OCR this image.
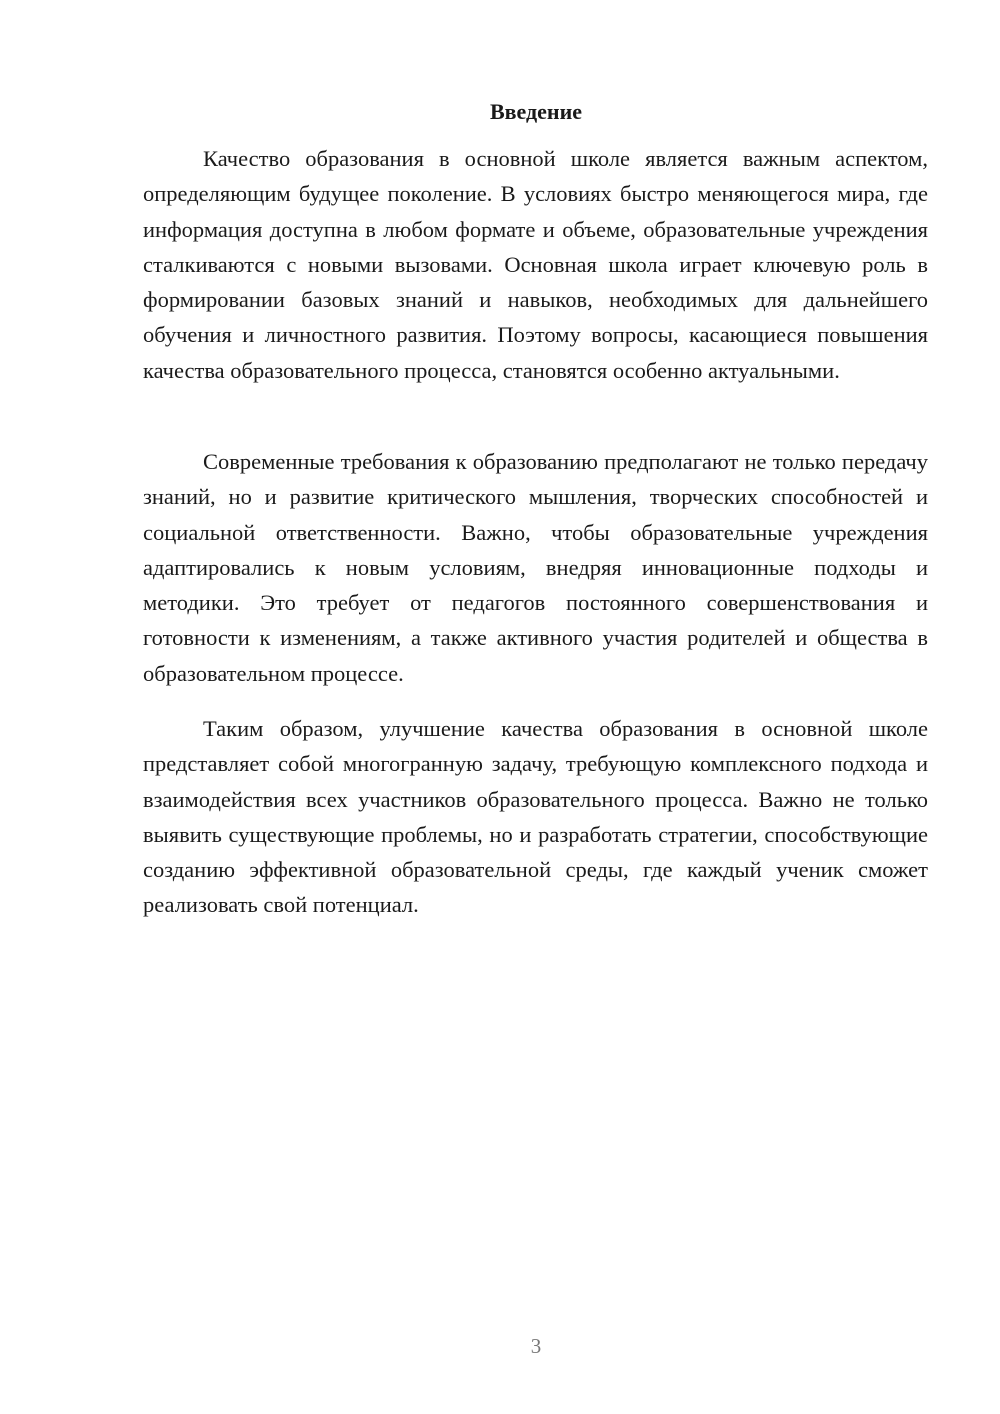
Введение

Качество образования в основной школе является важным аспектом, определяющим будущее поколение. В условиях быстро меняющегося мира, где информация доступна в любом формате и объеме, образовательные учреждения сталкиваются с новыми вызовами. Основная школа играет ключевую роль в формировании базовых знаний и навыков, необходимых для дальнейшего обучения и личностного развития. Поэтому вопросы, касающиеся повышения качества образовательного процесса, становятся особенно актуальными.

Современные требования к образованию предполагают не только передачу знаний, но и развитие критического мышления, творческих способностей и социальной ответственности. Важно, чтобы образовательные учреждения адаптировались к новым условиям, внедряя инновационные подходы и методики. Это требует от педагогов постоянного совершенствования и готовности к изменениям, а также активного участия родителей и общества в образовательном процессе.

Таким образом, улучшение качества образования в основной школе представляет собой многогранную задачу, требующую комплексного подхода и взаимодействия всех участников образовательного процесса. Важно не только выявить существующие проблемы, но и разработать стратегии, способствующие созданию эффективной образовательной среды, где каждый ученик сможет реализовать свой потенциал.

3
